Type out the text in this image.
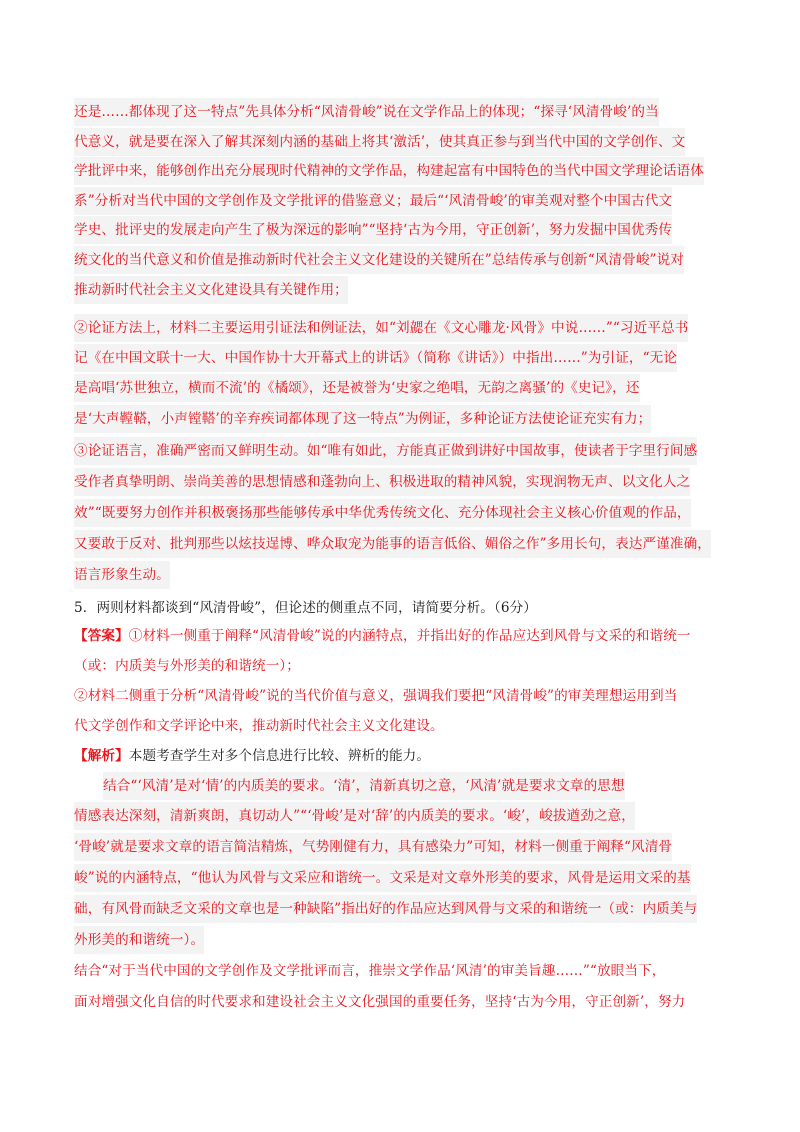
还是……都体现了这一特点”先具体分析“风清骨峻”说在文学作品上的体现；“探寻‘风清骨峻’的当
代意义，就是要在深入了解其深刻内涵的基础上将其‘激活’，使其真正参与到当代中国的文学创作、文
学批评中来，能够创作出充分展现时代精神的文学作品，构建起富有中国特色的当代中国文学理论话语体
系”分析对当代中国的文学创作及文学批评的借鉴意义；最后“‘风清骨峻’的审美观对整个中国古代文
学史、批评史的发展走向产生了极为深远的影响”“坚持‘古为今用，守正创新’，努力发掘中国优秀传
统文化的当代意义和价值是推动新时代社会主义文化建设的关键所在”总结传承与创新“风清骨峻”说对
推动新时代社会主义文化建设具有关键作用；
②论证方法上，材料二主要运用引证法和例证法，如“刘勰在《文心雕龙·风骨》中说……”“习近平总书
记《在中国文联十一大、中国作协十大开幕式上的讲话》（简称《讲话》）中指出……”为引证，“无论
是高唱‘苏世独立，横而不流’的《橘颂》，还是被誉为‘史家之绝唱，无韵之离骚’的《史记》，还
是‘大声鞺鞳，小声镗鞳’的辛弃疾词都体现了这一特点”为例证，多种论证方法使论证充实有力；
③论证语言，准确严密而又鲜明生动。如“唯有如此，方能真正做到讲好中国故事，使读者于字里行间感
受作者真挚明朗、崇尚美善的思想情感和蓬勃向上、积极进取的精神风貌，实现润物无声、以文化人之
效”“既要努力创作并积极褒扬那些能够传承中华优秀传统文化、充分体现社会主义核心价值观的作品，
又要敢于反对、批判那些以炫技逞博、哗众取宠为能事的语言低俗、媚俗之作”多用长句，表达严谨准确，
语言形象生动。
5．两则材料都谈到“风清骨峻”，但论述的侧重点不同，请简要分析。（6分）
【答案】①材料一侧重于阐释“风清骨峻”说的内涵特点，并指出好的作品应达到风骨与文采的和谐统一
（或：内质美与外形美的和谐统一）；
②材料二侧重于分析“风清骨峻”说的当代价值与意义，强调我们要把“风清骨峻”的审美理想运用到当
代文学创作和文学评论中来，推动新时代社会主义文化建设。
【解析】本题考查学生对多个信息进行比较、辨析的能力。
结合“‘风清’是对‘情’的内质美的要求。‘清’，清新真切之意，‘风清’就是要求文章的思想
情感表达深刻，清新爽朗，真切动人”“‘骨峻’是对‘辞’的内质美的要求。‘峻’，峻拔遒劲之意，
‘骨峻’就是要求文章的语言简洁精炼，气势刚健有力，具有感染力”可知，材料一侧重于阐释“风清骨
峻”说的内涵特点，“他认为风骨与文采应和谐统一。文采是对文章外形美的要求，风骨是运用文采的基
础，有风骨而缺乏文采的文章也是一种缺陷”指出好的作品应达到风骨与文采的和谐统一（或：内质美与
外形美的和谐统一）。
结合“对于当代中国的文学创作及文学批评而言，推崇文学作品‘风清’的审美旨趣……”“放眼当下，
面对增强文化自信的时代要求和建设社会主义文化强国的重要任务，坚持‘古为今用，守正创新’，努力
